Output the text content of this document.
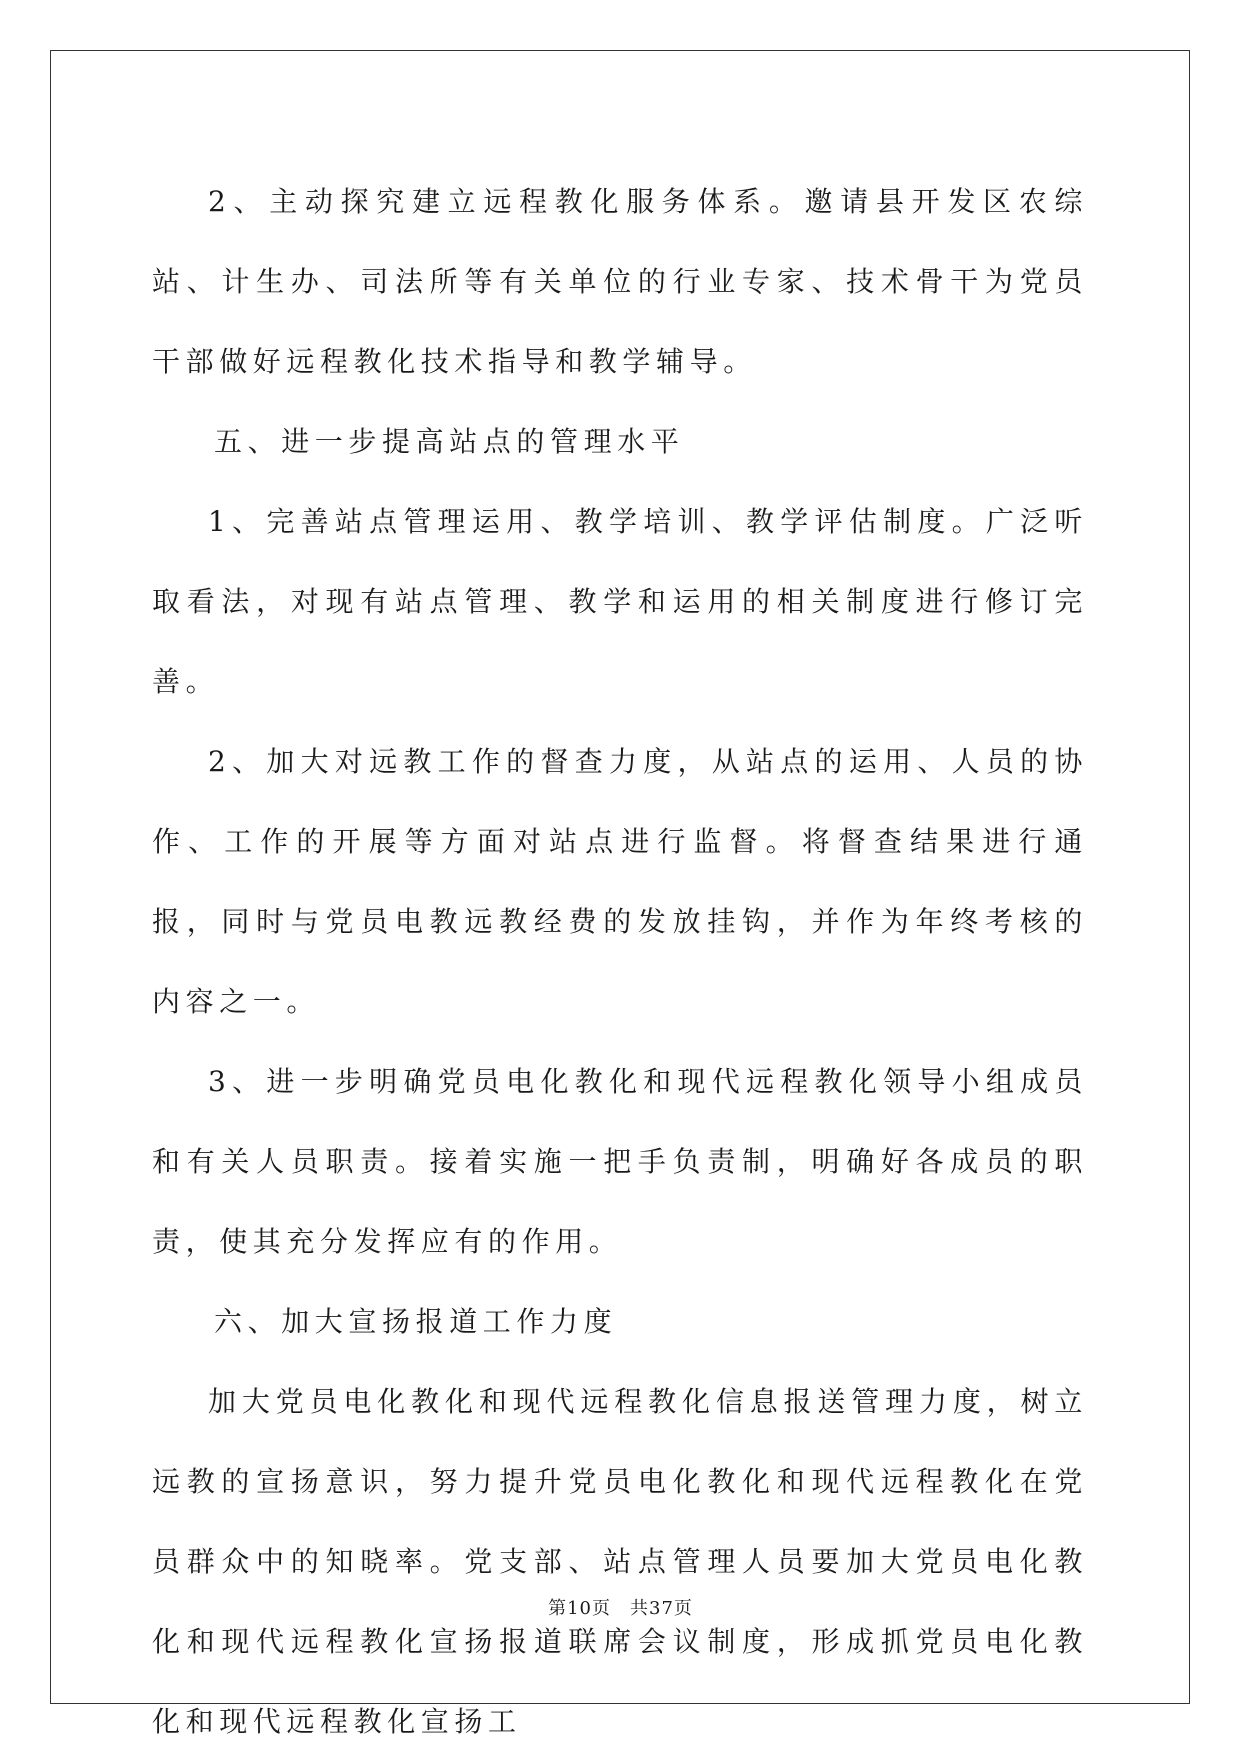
2、主动探究建立远程教化服务体系。邀请县开发区农综站、计生办、司法所等有关单位的行业专家、技术骨干为党员干部做好远程教化技术指导和教学辅导。

五、进一步提高站点的管理水平

1、完善站点管理运用、教学培训、教学评估制度。广泛听取看法，对现有站点管理、教学和运用的相关制度进行修订完善。

2、加大对远教工作的督查力度，从站点的运用、人员的协作、工作的开展等方面对站点进行监督。将督查结果进行通报，同时与党员电教远教经费的发放挂钩，并作为年终考核的内容之一。

3、进一步明确党员电化教化和现代远程教化领导小组成员和有关人员职责。接着实施一把手负责制，明确好各成员的职责，使其充分发挥应有的作用。

六、加大宣扬报道工作力度

加大党员电化教化和现代远程教化信息报送管理力度，树立远教的宣扬意识，努力提升党员电化教化和现代远程教化在党员群众中的知晓率。党支部、站点管理人员要加大党员电化教化和现代远程教化宣扬报道联席会议制度，形成抓党员电化教化和现代远程教化宣扬工

第10页　共37页
